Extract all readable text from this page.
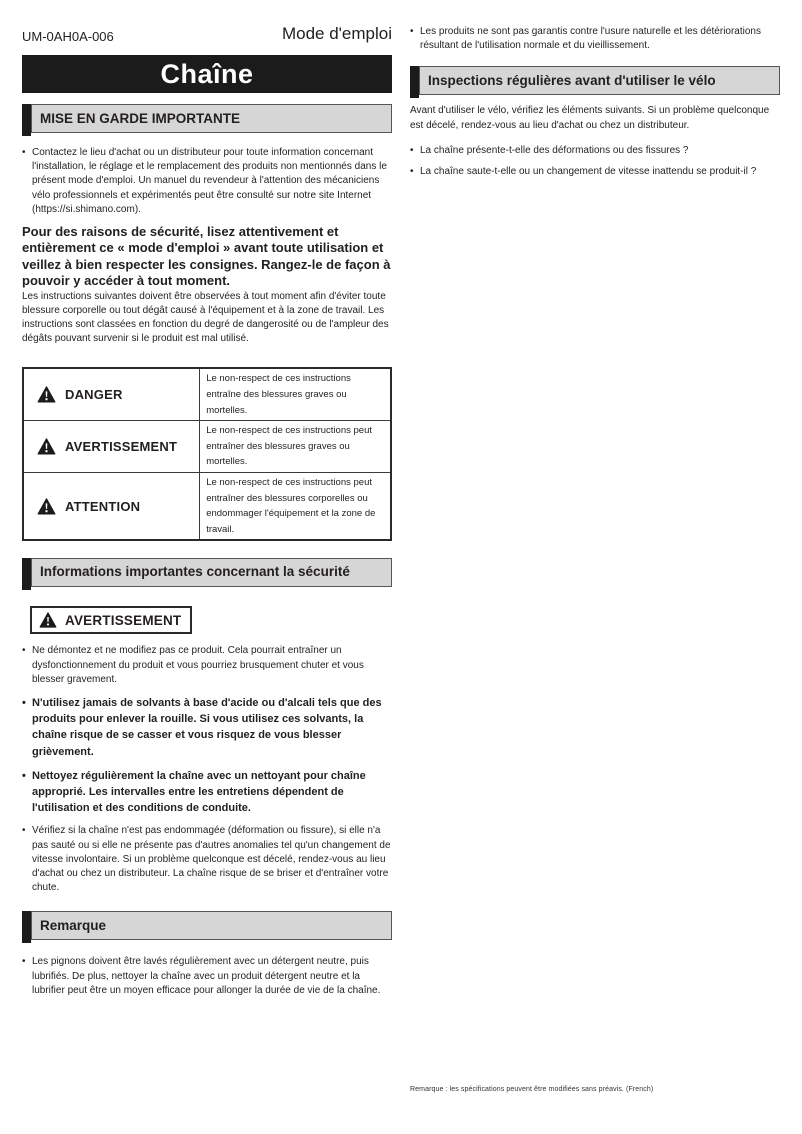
UM-0AH0A-006	Mode d'emploi
Chaîne
MISE EN GARDE IMPORTANTE
• Contactez le lieu d'achat ou un distributeur pour toute information concernant l'installation, le réglage et le remplacement des produits non mentionnés dans le présent mode d'emploi. Un manuel du revendeur à l'attention des mécaniciens vélo professionnels et expérimentés peut être consulté sur notre site Internet (https://si.shimano.com).
Pour des raisons de sécurité, lisez attentivement et entièrement ce « mode d'emploi » avant toute utilisation et veillez à bien respecter les consignes. Rangez-le de façon à pouvoir y accéder à tout moment.
Les instructions suivantes doivent être observées à tout moment afin d'éviter toute blessure corporelle ou tout dégât causé à l'équipement et à la zone de travail. Les instructions sont classées en fonction du degré de dangerosité ou de l'ampleur des dégâts pouvant survenir si le produit est mal utilisé.
DANGER	Le non-respect de ces instructions entraîne des blessures graves ou mortelles.

AVERTISSEMENT	Le non-respect de ces instructions peut entraîner des blessures graves ou mortelles.

ATTENTION	Le non-respect de ces instructions peut entraîner des blessures corporelles ou endommager l'équipement et la zone de travail.
Informations importantes concernant la sécurité
AVERTISSEMENT
• Ne démontez et ne modifiez pas ce produit. Cela pourrait entraîner un dysfonctionnement du produit et vous pourriez brusquement chuter et vous blesser gravement.
• N'utilisez jamais de solvants à base d'acide ou d'alcali tels que des produits pour enlever la rouille. Si vous utilisez ces solvants, la chaîne risque de se casser et vous risquez de vous blesser grièvement.
• Nettoyez régulièrement la chaîne avec un nettoyant pour chaîne approprié. Les intervalles entre les entretiens dépendent de l'utilisation et des conditions de conduite.
• Vérifiez si la chaîne n'est pas endommagée (déformation ou fissure), si elle n'a pas sauté ou si elle ne présente pas d'autres anomalies tel qu'un changement de vitesse involontaire. Si un problème quelconque est décelé, rendez-vous au lieu d'achat ou chez un distributeur. La chaîne risque de se briser et d'entraîner votre chute.
Remarque
• Les pignons doivent être lavés régulièrement avec un détergent neutre, puis lubrifiés. De plus, nettoyer la chaîne avec un produit détergent neutre et la lubrifier peut être un moyen efficace pour allonger la durée de vie de la chaîne.
• Les produits ne sont pas garantis contre l'usure naturelle et les détériorations résultant de l'utilisation normale et du vieillissement.
Inspections régulières avant d'utiliser le vélo
Avant d'utiliser le vélo, vérifiez les éléments suivants. Si un problème quelconque est décelé, rendez-vous au lieu d'achat ou chez un distributeur.
• La chaîne présente-t-elle des déformations ou des fissures ?
• La chaîne saute-t-elle ou un changement de vitesse inattendu se produit-il ?
Remarque : les spécifications peuvent être modifiées sans préavis. (French)
